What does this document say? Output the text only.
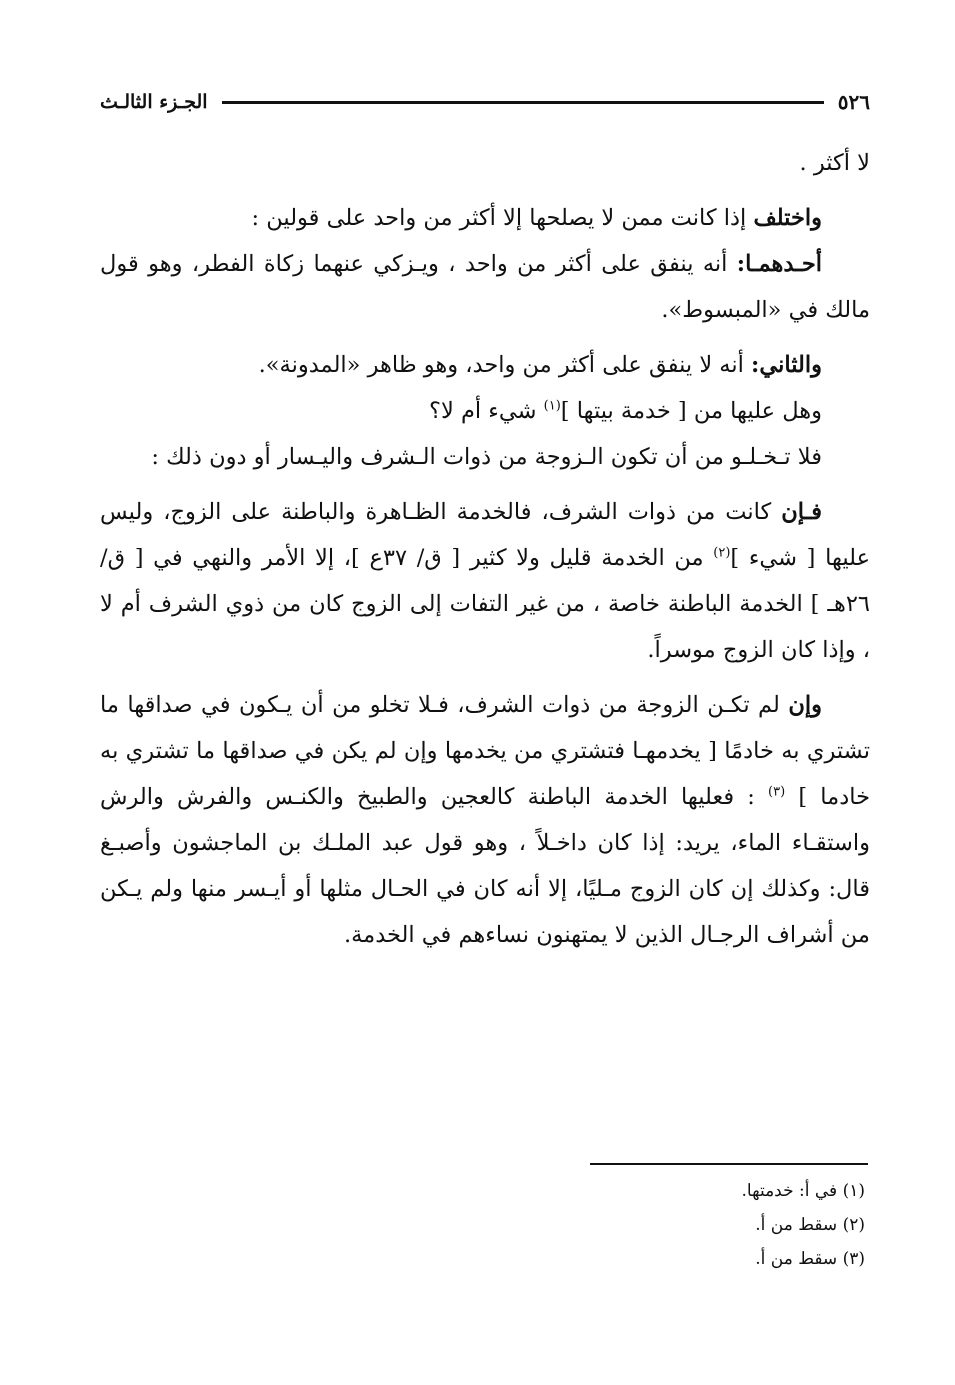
٥٢٦
الجـزء الثالـث

لا أكثر .

واختلف إذا كانت ممن لا يصلحها إلا أكثر من واحد على قولين :

أحـدهمـا: أنه ينفق على أكثر من واحد ، ويـزكي عنهما زكاة الفطر، وهو قول مالك في «المبسوط».

والثاني: أنه لا ينفق على أكثر من واحد، وهو ظاهر «المدونة».

وهل عليها من [ خدمة بيتها ]$^{(١)}$ شيء أم لا؟

فلا تـخـلـو من أن تكون الـزوجة من ذوات الـشرف واليـسار أو دون ذلك :

فـإن كانت من ذوات الشرف، فالخدمة الظـاهرة والباطنة على الزوج، وليس عليها [ شيء ]$^{(٢)}$ من الخدمة قليل ولا كثير [ ق/ ٣٧ع ]، إلا الأمر والنهي في [ ق/ ٢٦هـ ] الخدمة الباطنة خاصة ، من غير التفات إلى الزوج كان من ذوي الشرف أم لا ، وإذا كان الزوج موسراً.

وإن لم تكـن الزوجة من ذوات الشرف، فـلا تخلو من أن يـكون في صداقها ما تشتري به خادمًا [ يخدمهـا فتشتري من يخدمها وإن لم يكن في صداقها ما تشتري به خادما ] $^{(٣)}$ : فعليها الخدمة الباطنة كالعجين والطبيخ والكنـس والفرش والرش واستقـاء الماء، يريد: إذا كان داخـلاً ، وهو قول عبد الملـك بن الماجشون وأصبـغ قال: وكذلك إن كان الزوج مـليًا، إلا أنه كان في الحـال مثلها أو أيـسر منها ولم يـكن من أشراف الرجـال الذين لا يمتهنون نساءهم في الخدمة.

(١) في أ: خدمتها.

(٢) سقط من أ.

(٣) سقط من أ.
